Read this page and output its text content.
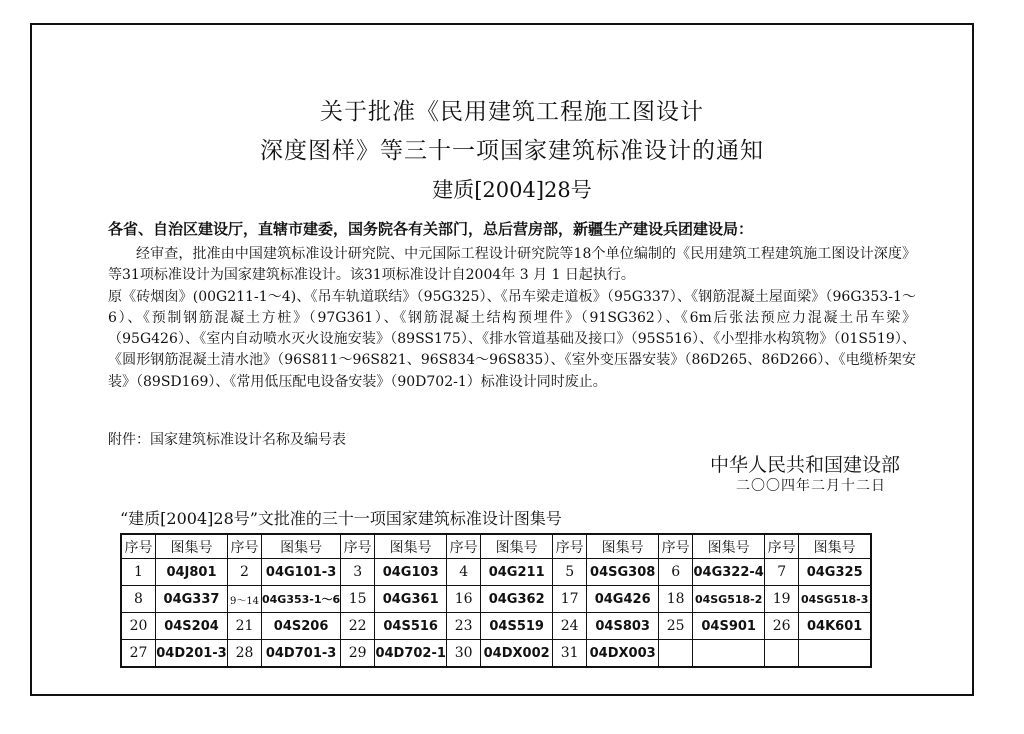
关于批准《民用建筑工程施工图设计
深度图样》等三十一项国家建筑标准设计的通知
建质[2004]28号
各省、自治区建设厅，直辖市建委，国务院各有关部门，总后营房部，新疆生产建设兵团建设局：

经审查，批准由中国建筑标准设计研究院、中元国际工程设计研究院等18个单位编制的《民用建筑工程建筑施工图设计深度》等31项标准设计为国家建筑标准设计。该31项标准设计自2004年 3 月 1 日起执行。

原《砖烟囱》(00G211-1～4)、《吊车轨道联结》（95G325）、《吊车梁走道板》（95G337）、《钢筋混凝土屋面梁》（96G353-1～6）、《预制钢筋混凝土方桩》（97G361）、《钢筋混凝土结构预埋件》（91SG362）、《6m后张法预应力混凝土吊车梁》（95G426）、《室内自动喷水灭火设施安装》（89SS175）、《排水管道基础及接口》（95S516）、《小型排水构筑物》（01S519）、《圆形钢筋混凝土清水池》（96S811～96S821、96S834～96S835）、《室外变压器安装》（86D265、86D266）、《电缆桥架安装》（89SD169）、《常用低压配电设备安装》（90D702-1）标准设计同时废止。

附件：国家建筑标准设计名称及编号表
中华人民共和国建设部
二〇〇四年二月十二日
“建质[2004]28号”文批准的三十一项国家建筑标准设计图集号
序号	图集号	序号	图集号	序号	图集号	序号	图集号	序号	图集号	序号	图集号	序号	图集号
1	04J801	2	04G101-3	3	04G103	4	04G211	5	04SG308	6	04G322-4	7	04G325
8	04G337	9～14	04G353-1～6	15	04G361	16	04G362	17	04G426	18	04SG518-2	19	04SG518-3
20	04S204	21	04S206	22	04S516	23	04S519	24	04S803	25	04S901	26	04K601
27	04D201-3	28	04D701-3	29	04D702-1	30	04DX002	31	04DX003				
